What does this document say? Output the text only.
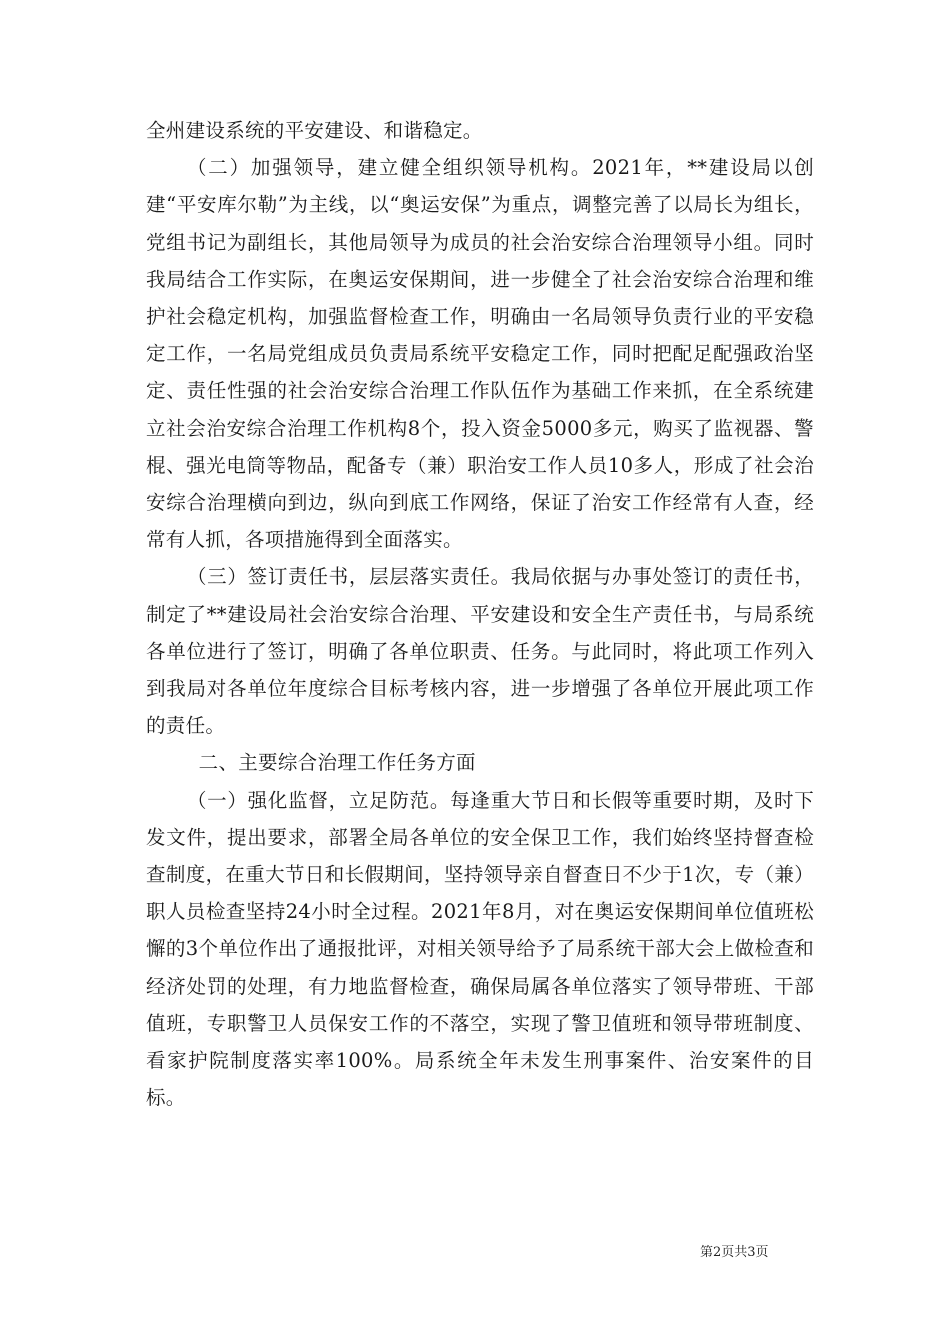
全州建设系统的平安建设、和谐稳定。

（二）加强领导，建立健全组织领导机构。2021年，**建设局以创建“平安库尔勒”为主线，以“奥运安保”为重点，调整完善了以局长为组长，党组书记为副组长，其他局领导为成员的社会治安综合治理领导小组。同时我局结合工作实际，在奥运安保期间，进一步健全了社会治安综合治理和维护社会稳定机构，加强监督检查工作，明确由一名局领导负责行业的平安稳定工作，一名局党组成员负责局系统平安稳定工作，同时把配足配强政治坚定、责任性强的社会治安综合治理工作队伍作为基础工作来抓，在全系统建立社会治安综合治理工作机构8个，投入资金5000多元，购买了监视器、警棍、强光电筒等物品，配备专（兼）职治安工作人员10多人，形成了社会治安综合治理横向到边，纵向到底工作网络，保证了治安工作经常有人查，经常有人抓，各项措施得到全面落实。

（三）签订责任书，层层落实责任。我局依据与办事处签订的责任书，制定了**建设局社会治安综合治理、平安建设和安全生产责任书，与局系统各单位进行了签订，明确了各单位职责、任务。与此同时，将此项工作列入到我局对各单位年度综合目标考核内容，进一步增强了各单位开展此项工作的责任。

二、主要综合治理工作任务方面

（一）强化监督，立足防范。每逢重大节日和长假等重要时期，及时下发文件，提出要求，部署全局各单位的安全保卫工作，我们始终坚持督查检查制度，在重大节日和长假期间，坚持领导亲自督查日不少于1次，专（兼）职人员检查坚持24小时全过程。2021年8月，对在奥运安保期间单位值班松懈的3个单位作出了通报批评，对相关领导给予了局系统干部大会上做检查和经济处罚的处理，有力地监督检查，确保局属各单位落实了领导带班、干部值班，专职警卫人员保安工作的不落空，实现了警卫值班和领导带班制度、看家护院制度落实率100%。局系统全年未发生刑事案件、治安案件的目标。

第2页共3页
